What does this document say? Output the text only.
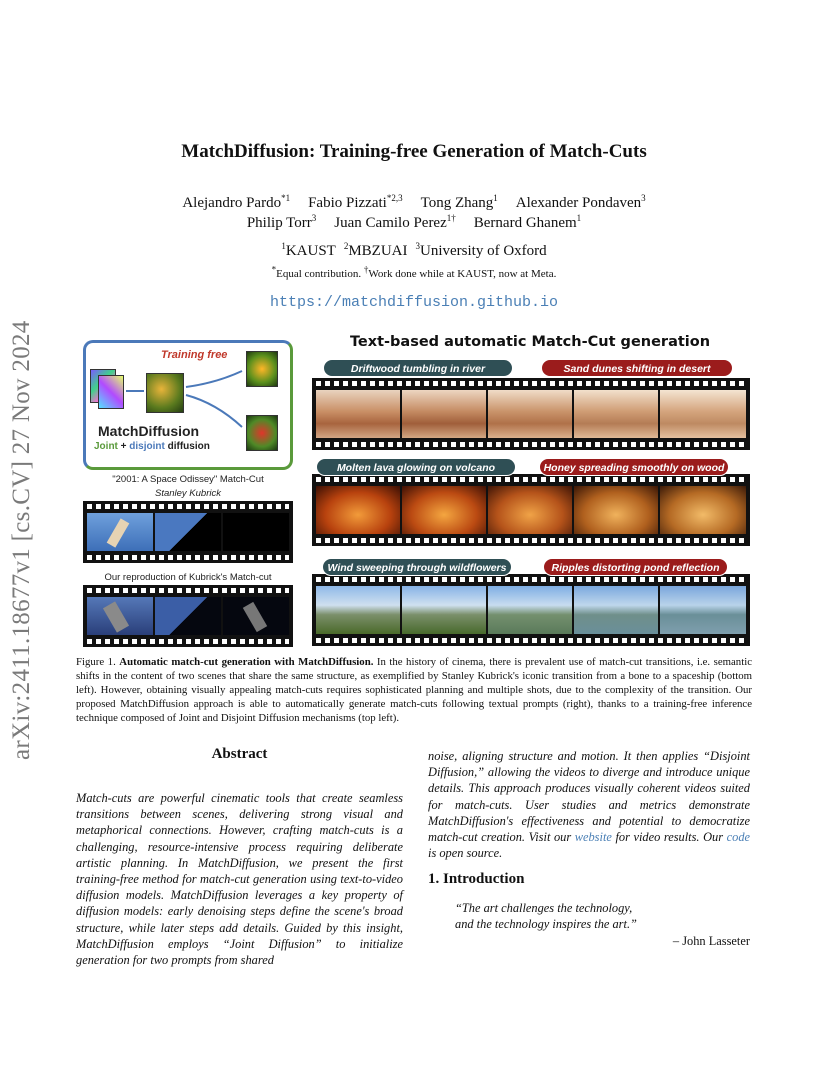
arXiv:2411.18677v1 [cs.CV] 27 Nov 2024
MatchDiffusion: Training-free Generation of Match-Cuts
Alejandro Pardo$^{*1}$ Fabio Pizzati$^{*2,3}$ Tong Zhang$^1$ Alexander Pondaven$^3$
Philip Torr$^3$ Juan Camilo Perez$^{1\dagger}$ Bernard Ghanem$^1$
$^1$KAUST $^2$MBZUAI $^3$University of Oxford
*Equal contribution. †Work done while at KAUST, now at Meta.
https://matchdiffusion.github.io
Training free
MatchDiffusion
Joint + disjoint diffusion
"2001: A Space Odissey" Match-Cut
Stanley Kubrick
Our reproduction of Kubrick's Match-cut
Text-based automatic Match-Cut generation
Driftwood tumbling in river	Sand dunes shifting in desert
Molten lava glowing on volcano	Honey spreading smoothly on wood
Wind sweeping through wildflowers	Ripples distorting pond reflection
Figure 1. Automatic match-cut generation with MatchDiffusion. In the history of cinema, there is prevalent use of match-cut transitions, i.e. semantic shifts in the content of two scenes that share the same structure, as exemplified by Stanley Kubrick's iconic transition from a bone to a spaceship (bottom left). However, obtaining visually appealing match-cuts requires sophisticated planning and multiple shots, due to the complexity of the transition. Our proposed MatchDiffusion approach is able to automatically generate match-cuts following textual prompts (right), thanks to a training-free inference technique composed of Joint and Disjoint Diffusion mechanisms (top left).
Abstract
Match-cuts are powerful cinematic tools that create seamless transitions between scenes, delivering strong visual and metaphorical connections. However, crafting match-cuts is a challenging, resource-intensive process requiring deliberate artistic planning. In MatchDiffusion, we present the first training-free method for match-cut generation using text-to-video diffusion models. MatchDiffusion leverages a key property of diffusion models: early denoising steps define the scene's broad structure, while later steps add details. Guided by this insight, MatchDiffusion employs “Joint Diffusion” to initialize generation for two prompts from shared
noise, aligning structure and motion. It then applies “Disjoint Diffusion,” allowing the videos to diverge and introduce unique details. This approach produces visually coherent videos suited for match-cuts. User studies and metrics demonstrate MatchDiffusion's effectiveness and potential to democratize match-cut creation. Visit our website for video results. Our code is open source.
1. Introduction
“The art challenges the technology,
and the technology inspires the art.”
– John Lasseter
